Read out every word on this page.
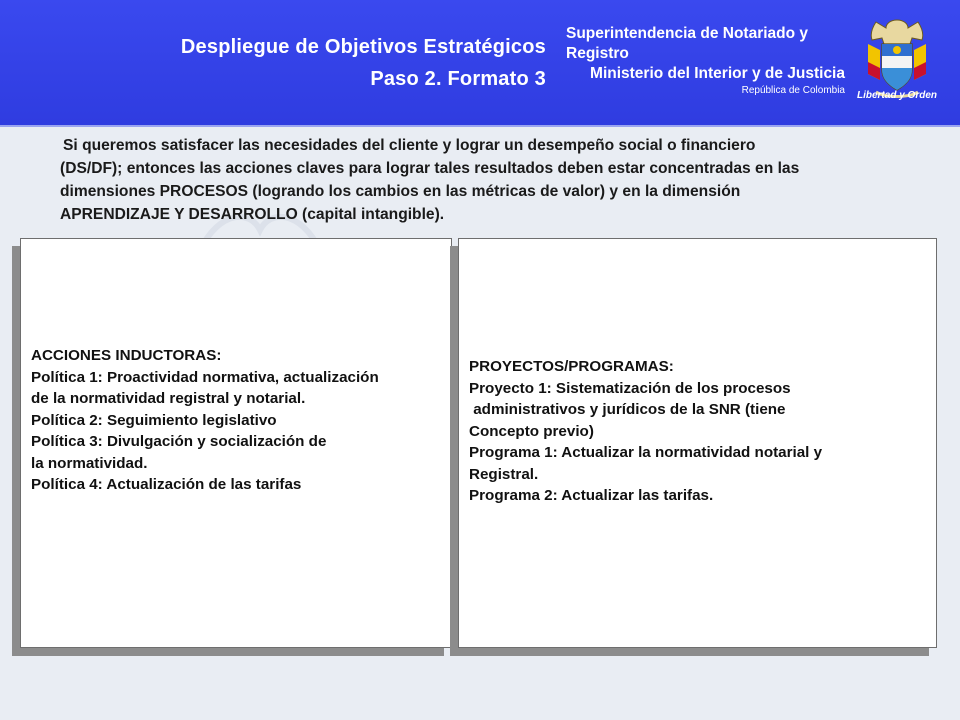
Despliegue de Objetivos Estratégicos
Paso 2. Formato 3
Superintendencia de Notariado y Registro
Ministerio del Interior y de Justicia
República de Colombia	Libertad y Orden
Si queremos satisfacer las necesidades del cliente y lograr un desempeño social o financiero
(DS/DF); entonces las acciones claves para lograr tales resultados deben estar concentradas en las
dimensiones PROCESOS (logrando los cambios en las métricas de valor) y en la dimensión
APRENDIZAJE Y DESARROLLO (capital intangible).
ACCIONES INDUCTORAS:
Política 1: Proactividad normativa, actualización
de la normatividad registral y notarial.
Política 2: Seguimiento legislativo
Política 3: Divulgación y socialización de
la normatividad.
Política 4: Actualización de las tarifas
PROYECTOS/PROGRAMAS:
Proyecto 1: Sistematización de los procesos
administrativos y jurídicos de la SNR (tiene
Concepto previo)
Programa 1: Actualizar la normatividad notarial y
Registral.
Programa 2: Actualizar las tarifas.
